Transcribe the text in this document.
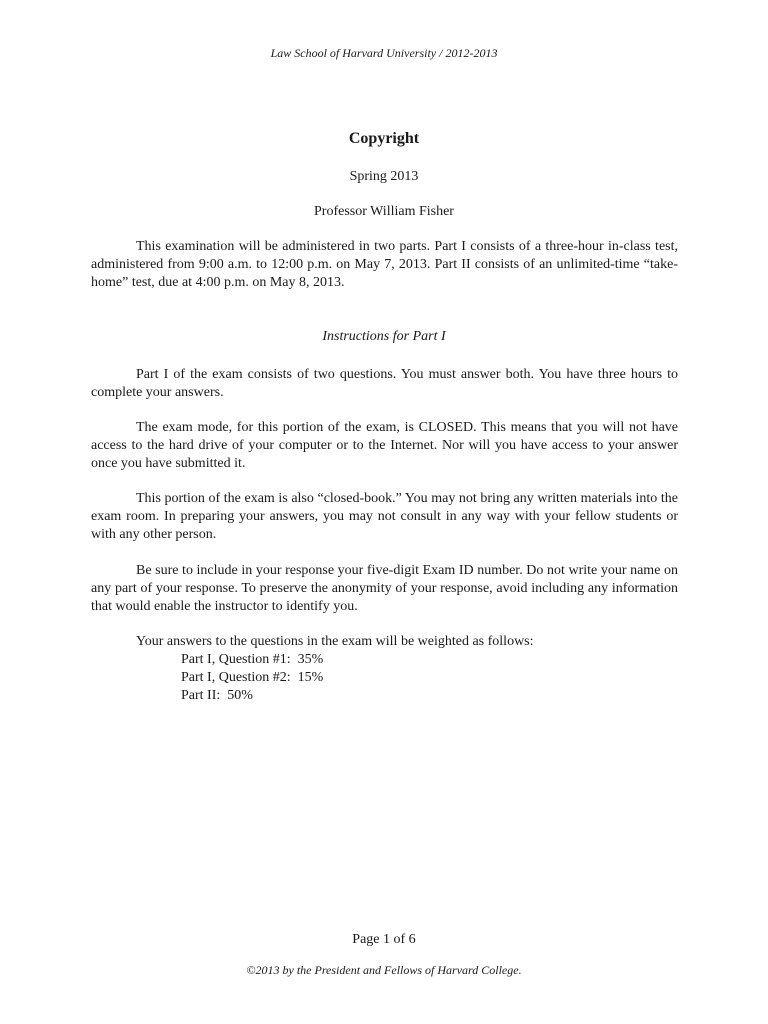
Law School of Harvard University / 2012-2013
Copyright
Spring 2013
Professor William Fisher

This examination will be administered in two parts. Part I consists of a three-hour in-class test, administered from 9:00 a.m. to 12:00 p.m. on May 7, 2013. Part II consists of an unlimited-time “take-home” test, due at 4:00 p.m. on May 8, 2013.

Instructions for Part I

Part I of the exam consists of two questions. You must answer both. You have three hours to complete your answers.

The exam mode, for this portion of the exam, is CLOSED. This means that you will not have access to the hard drive of your computer or to the Internet. Nor will you have access to your answer once you have submitted it.

This portion of the exam is also “closed-book.” You may not bring any written materials into the exam room. In preparing your answers, you may not consult in any way with your fellow students or with any other person.

Be sure to include in your response your five-digit Exam ID number. Do not write your name on any part of your response. To preserve the anonymity of your response, avoid including any information that would enable the instructor to identify you.

Your answers to the questions in the exam will be weighted as follows:
Part I, Question #1:  35%
Part I, Question #2:  15%
Part II:  50%
Page 1 of 6
©2013 by the President and Fellows of Harvard College.
